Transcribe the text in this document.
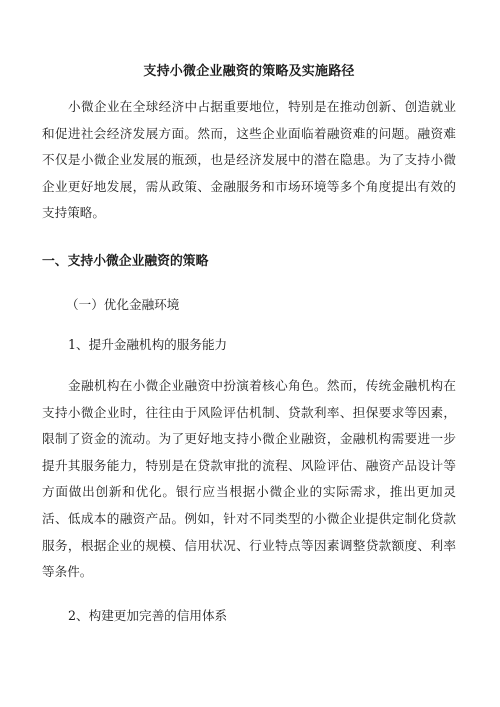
支持小微企业融资的策略及实施路径

小微企业在全球经济中占据重要地位，特别是在推动创新、创造就业和促进社会经济发展方面。然而，这些企业面临着融资难的问题。融资难不仅是小微企业发展的瓶颈，也是经济发展中的潜在隐患。为了支持小微企业更好地发展，需从政策、金融服务和市场环境等多个角度提出有效的支持策略。

一、支持小微企业融资的策略
（一）优化金融环境
1、提升金融机构的服务能力

金融机构在小微企业融资中扮演着核心角色。然而，传统金融机构在支持小微企业时，往往由于风险评估机制、贷款利率、担保要求等因素，限制了资金的流动。为了更好地支持小微企业融资，金融机构需要进一步提升其服务能力，特别是在贷款审批的流程、风险评估、融资产品设计等方面做出创新和优化。银行应当根据小微企业的实际需求，推出更加灵活、低成本的融资产品。例如，针对不同类型的小微企业提供定制化贷款服务，根据企业的规模、信用状况、行业特点等因素调整贷款额度、利率等条件。

2、构建更加完善的信用体系
